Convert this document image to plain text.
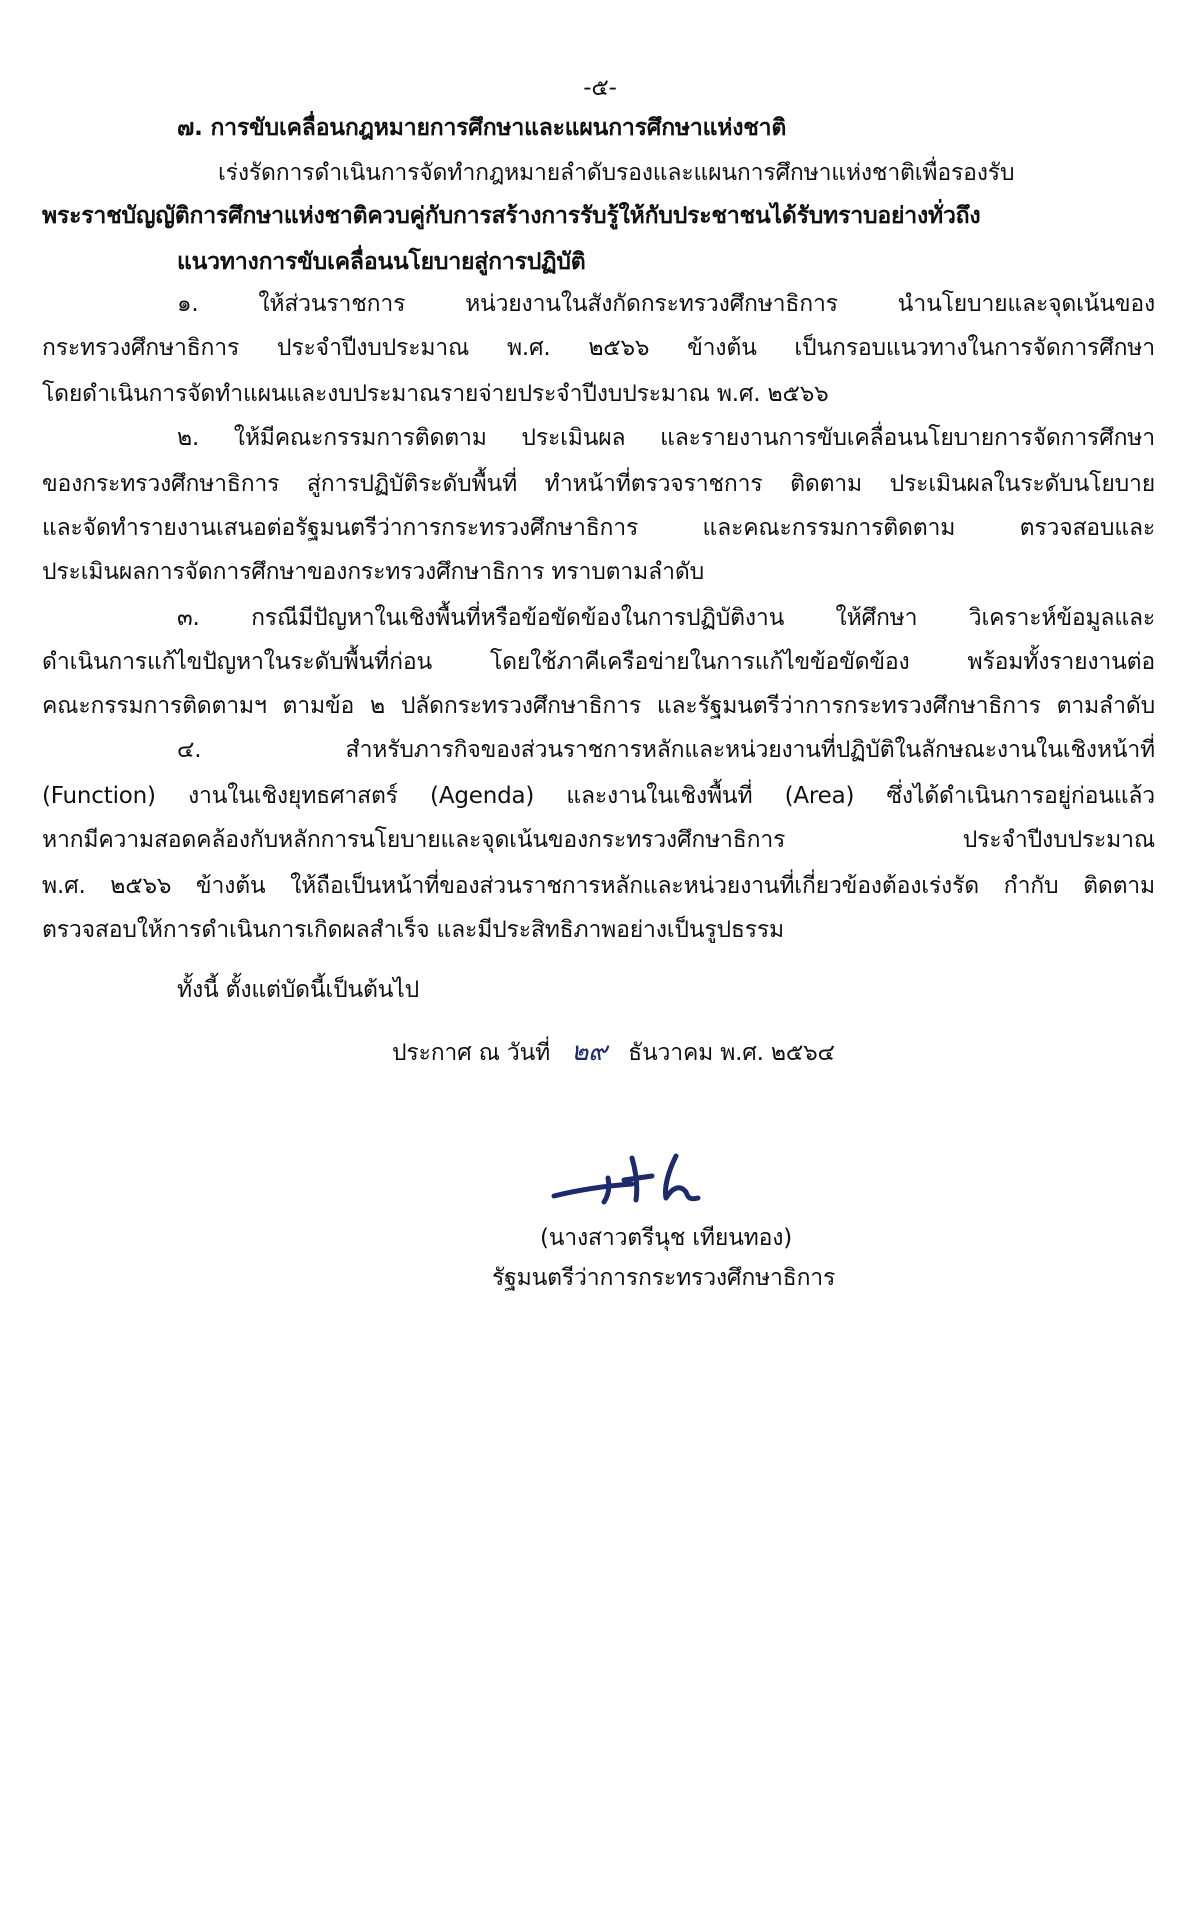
-๕-
๗. การขับเคลื่อนกฎหมายการศึกษาและแผนการศึกษาแห่งชาติ
เร่งรัดการดำเนินการจัดทำกฎหมายลำดับรองและแผนการศึกษาแห่งชาติเพื่อรองรับ
พระราชบัญญัติการศึกษาแห่งชาติควบคู่กับการสร้างการรับรู้ให้กับประชาชนได้รับทราบอย่างทั่วถึง
แนวทางการขับเคลื่อนนโยบายสู่การปฏิบัติ
๑. ให้ส่วนราชการ หน่วยงานในสังกัดกระทรวงศึกษาธิการ นำนโยบายและจุดเน้นของ
กระทรวงศึกษาธิการ ประจำปีงบประมาณ พ.ศ. ๒๕๖๖ ข้างต้น เป็นกรอบแนวทางในการจัดการศึกษา
โดยดำเนินการจัดทำแผนและงบประมาณรายจ่ายประจำปีงบประมาณ พ.ศ. ๒๕๖๖
๒. ให้มีคณะกรรมการติดตาม ประเมินผล และรายงานการขับเคลื่อนนโยบายการจัดการศึกษา
ของกระทรวงศึกษาธิการ สู่การปฏิบัติระดับพื้นที่ ทำหน้าที่ตรวจราชการ ติดตาม ประเมินผลในระดับนโยบาย
และจัดทำรายงานเสนอต่อรัฐมนตรีว่าการกระทรวงศึกษาธิการ และคณะกรรมการติดตาม ตรวจสอบและ
ประเมินผลการจัดการศึกษาของกระทรวงศึกษาธิการ ทราบตามลำดับ
๓. กรณีมีปัญหาในเชิงพื้นที่หรือข้อขัดข้องในการปฏิบัติงาน ให้ศึกษา วิเคราะห์ข้อมูลและ
ดำเนินการแก้ไขปัญหาในระดับพื้นที่ก่อน โดยใช้ภาคีเครือข่ายในการแก้ไขข้อขัดข้อง พร้อมทั้งรายงานต่อ
คณะกรรมการติดตามฯ ตามข้อ ๒ ปลัดกระทรวงศึกษาธิการ และรัฐมนตรีว่าการกระทรวงศึกษาธิการ ตามลำดับ
๔. สำหรับภารกิจของส่วนราชการหลักและหน่วยงานที่ปฏิบัติในลักษณะงานในเชิงหน้าที่
(Function) งานในเชิงยุทธศาสตร์ (Agenda) และงานในเชิงพื้นที่ (Area) ซึ่งได้ดำเนินการอยู่ก่อนแล้ว
หากมีความสอดคล้องกับหลักการนโยบายและจุดเน้นของกระทรวงศึกษาธิการ ประจำปีงบประมาณ
พ.ศ. ๒๕๖๖ ข้างต้น ให้ถือเป็นหน้าที่ของส่วนราชการหลักและหน่วยงานที่เกี่ยวข้องต้องเร่งรัด กำกับ ติดตาม
ตรวจสอบให้การดำเนินการเกิดผลสำเร็จ และมีประสิทธิภาพอย่างเป็นรูปธรรม
ทั้งนี้ ตั้งแต่บัดนี้เป็นต้นไป
ประกาศ ณ วันที่ ๒๙ ธันวาคม พ.ศ. ๒๕๖๔
(นางสาวตรีนุช เทียนทอง)
รัฐมนตรีว่าการกระทรวงศึกษาธิการ
